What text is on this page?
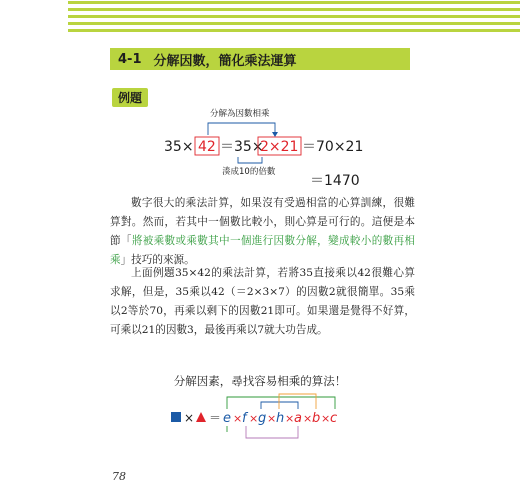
4-1 分解因數，簡化乘法運算
例題
分解為因數相乘
35× 42 ＝35×
2×21 ＝70×21
湊成10的倍數
＝1470

數字很大的乘法計算，如果沒有受過相當的心算訓練，很難算對。然而，若其中一個數比較小，則心算是可行的。這便是本節「將被乘數或乘數其中一個進行因數分解，變成較小的數再相乘」技巧的來源。

上面例題35×42的乘法計算，若將35直接乘以42很難心算求解，但是，35乘以42（＝2×3×7）的因數2就很簡單。35乘以2等於70，再乘以剩下的因數21即可。如果還是覺得不好算，可乘以21的因數3，最後再乘以7就大功告成。

分解因素，尋找容易相乘的算法！
× ＝ e × f × g × h × a × b × c
78
